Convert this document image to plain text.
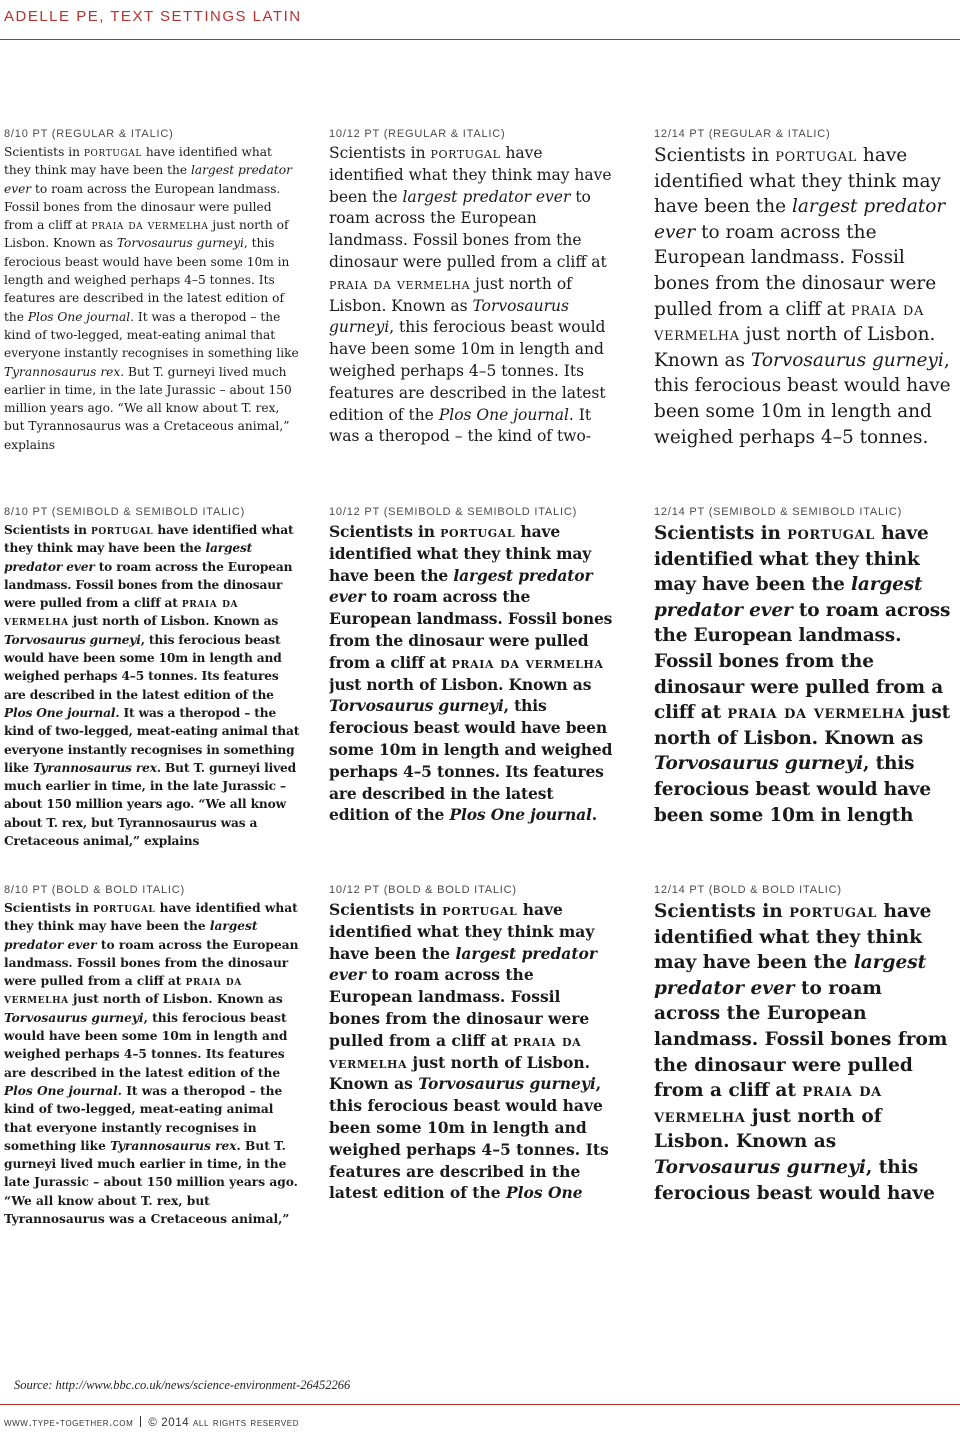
ADELLE PE, TEXT SETTINGS LATIN
8/10 PT (REGULAR & ITALIC)
Scientists in portugal have identified what they think may have been the largest predator ever to roam across the European landmass. Fossil bones from the dinosaur were pulled from a cliff at praia da vermelha just north of Lisbon. Known as Torvosaurus gurneyi, this ferocious beast would have been some 10m in length and weighed perhaps 4–5 tonnes. Its features are described in the latest edition of the Plos One journal. It was a theropod – the kind of two-legged, meat-eating animal that everyone instantly recognises in something like Tyrannosaurus rex. But T. gurneyi lived much earlier in time, in the late Jurassic – about 150 million years ago. “We all know about T. rex, but Tyrannosaurus was a Cretaceous animal,” explains
10/12 PT (REGULAR & ITALIC)
Scientists in portugal have identified what they think may have been the largest predator ever to roam across the European landmass. Fossil bones from the dinosaur were pulled from a cliff at praia da vermelha just north of Lisbon. Known as Torvosaurus gurneyi, this ferocious beast would have been some 10m in length and weighed perhaps 4–5 tonnes. Its features are described in the latest edition of the Plos One journal. It was a theropod – the kind of two-
12/14 PT (REGULAR & ITALIC)
Scientists in portugal have identified what they think may have been the largest predator ever to roam across the European landmass. Fossil bones from the dinosaur were pulled from a cliff at praia da vermelha just north of Lisbon. Known as Torvosaurus gurneyi, this ferocious beast would have been some 10m in length and weighed perhaps 4–5 tonnes.
8/10 PT (SEMIBOLD & SEMIBOLD ITALIC)
Scientists in portugal have identified what they think may have been the largest predator ever to roam across the European landmass. Fossil bones from the dinosaur were pulled from a cliff at praia da vermelha just north of Lisbon. Known as Torvosaurus gurneyi, this ferocious beast would have been some 10m in length and weighed perhaps 4–5 tonnes. Its features are described in the latest edition of the Plos One journal. It was a theropod – the kind of two-legged, meat-eating animal that everyone instantly recognises in something like Tyrannosaurus rex. But T. gurneyi lived much earlier in time, in the late Jurassic – about 150 million years ago. “We all know about T. rex, but Tyrannosaurus was a Cretaceous animal,” explains
10/12 PT (SEMIBOLD & SEMIBOLD ITALIC)
Scientists in portugal have identified what they think may have been the largest predator ever to roam across the European landmass. Fossil bones from the dinosaur were pulled from a cliff at praia da vermelha just north of Lisbon. Known as Torvosaurus gurneyi, this ferocious beast would have been some 10m in length and weighed perhaps 4–5 tonnes. Its features are described in the latest edition of the Plos One journal.
12/14 PT (SEMIBOLD & SEMIBOLD ITALIC)
Scientists in portugal have identified what they think may have been the largest predator ever to roam across the European landmass. Fossil bones from the dinosaur were pulled from a cliff at praia da vermelha just north of Lisbon. Known as Torvosaurus gurneyi, this ferocious beast would have been some 10m in length
8/10 PT (BOLD & BOLD ITALIC)
Scientists in portugal have identified what they think may have been the largest predator ever to roam across the European landmass. Fossil bones from the dinosaur were pulled from a cliff at praia da vermelha just north of Lisbon. Known as Torvosaurus gurneyi, this ferocious beast would have been some 10m in length and weighed perhaps 4–5 tonnes. Its features are described in the latest edition of the Plos One journal. It was a theropod – the kind of two-legged, meat-eating animal that everyone instantly recognises in something like Tyrannosaurus rex. But T. gurneyi lived much earlier in time, in the late Jurassic – about 150 million years ago. “We all know about T. rex, but Tyrannosaurus was a Cretaceous animal,”
10/12 PT (BOLD & BOLD ITALIC)
Scientists in portugal have identified what they think may have been the largest predator ever to roam across the European landmass. Fossil bones from the dinosaur were pulled from a cliff at praia da vermelha just north of Lisbon. Known as Torvosaurus gurneyi, this ferocious beast would have been some 10m in length and weighed perhaps 4–5 tonnes. Its features are described in the latest edition of the Plos One
12/14 PT (BOLD & BOLD ITALIC)
Scientists in portugal have identified what they think may have been the largest predator ever to roam across the European landmass. Fossil bones from the dinosaur were pulled from a cliff at praia da vermelha just north of Lisbon. Known as Torvosaurus gurneyi, this ferocious beast would have
Source: http://www.bbc.co.uk/news/science-environment-26452266
www.type-together.com © 2014 all rights reserved
